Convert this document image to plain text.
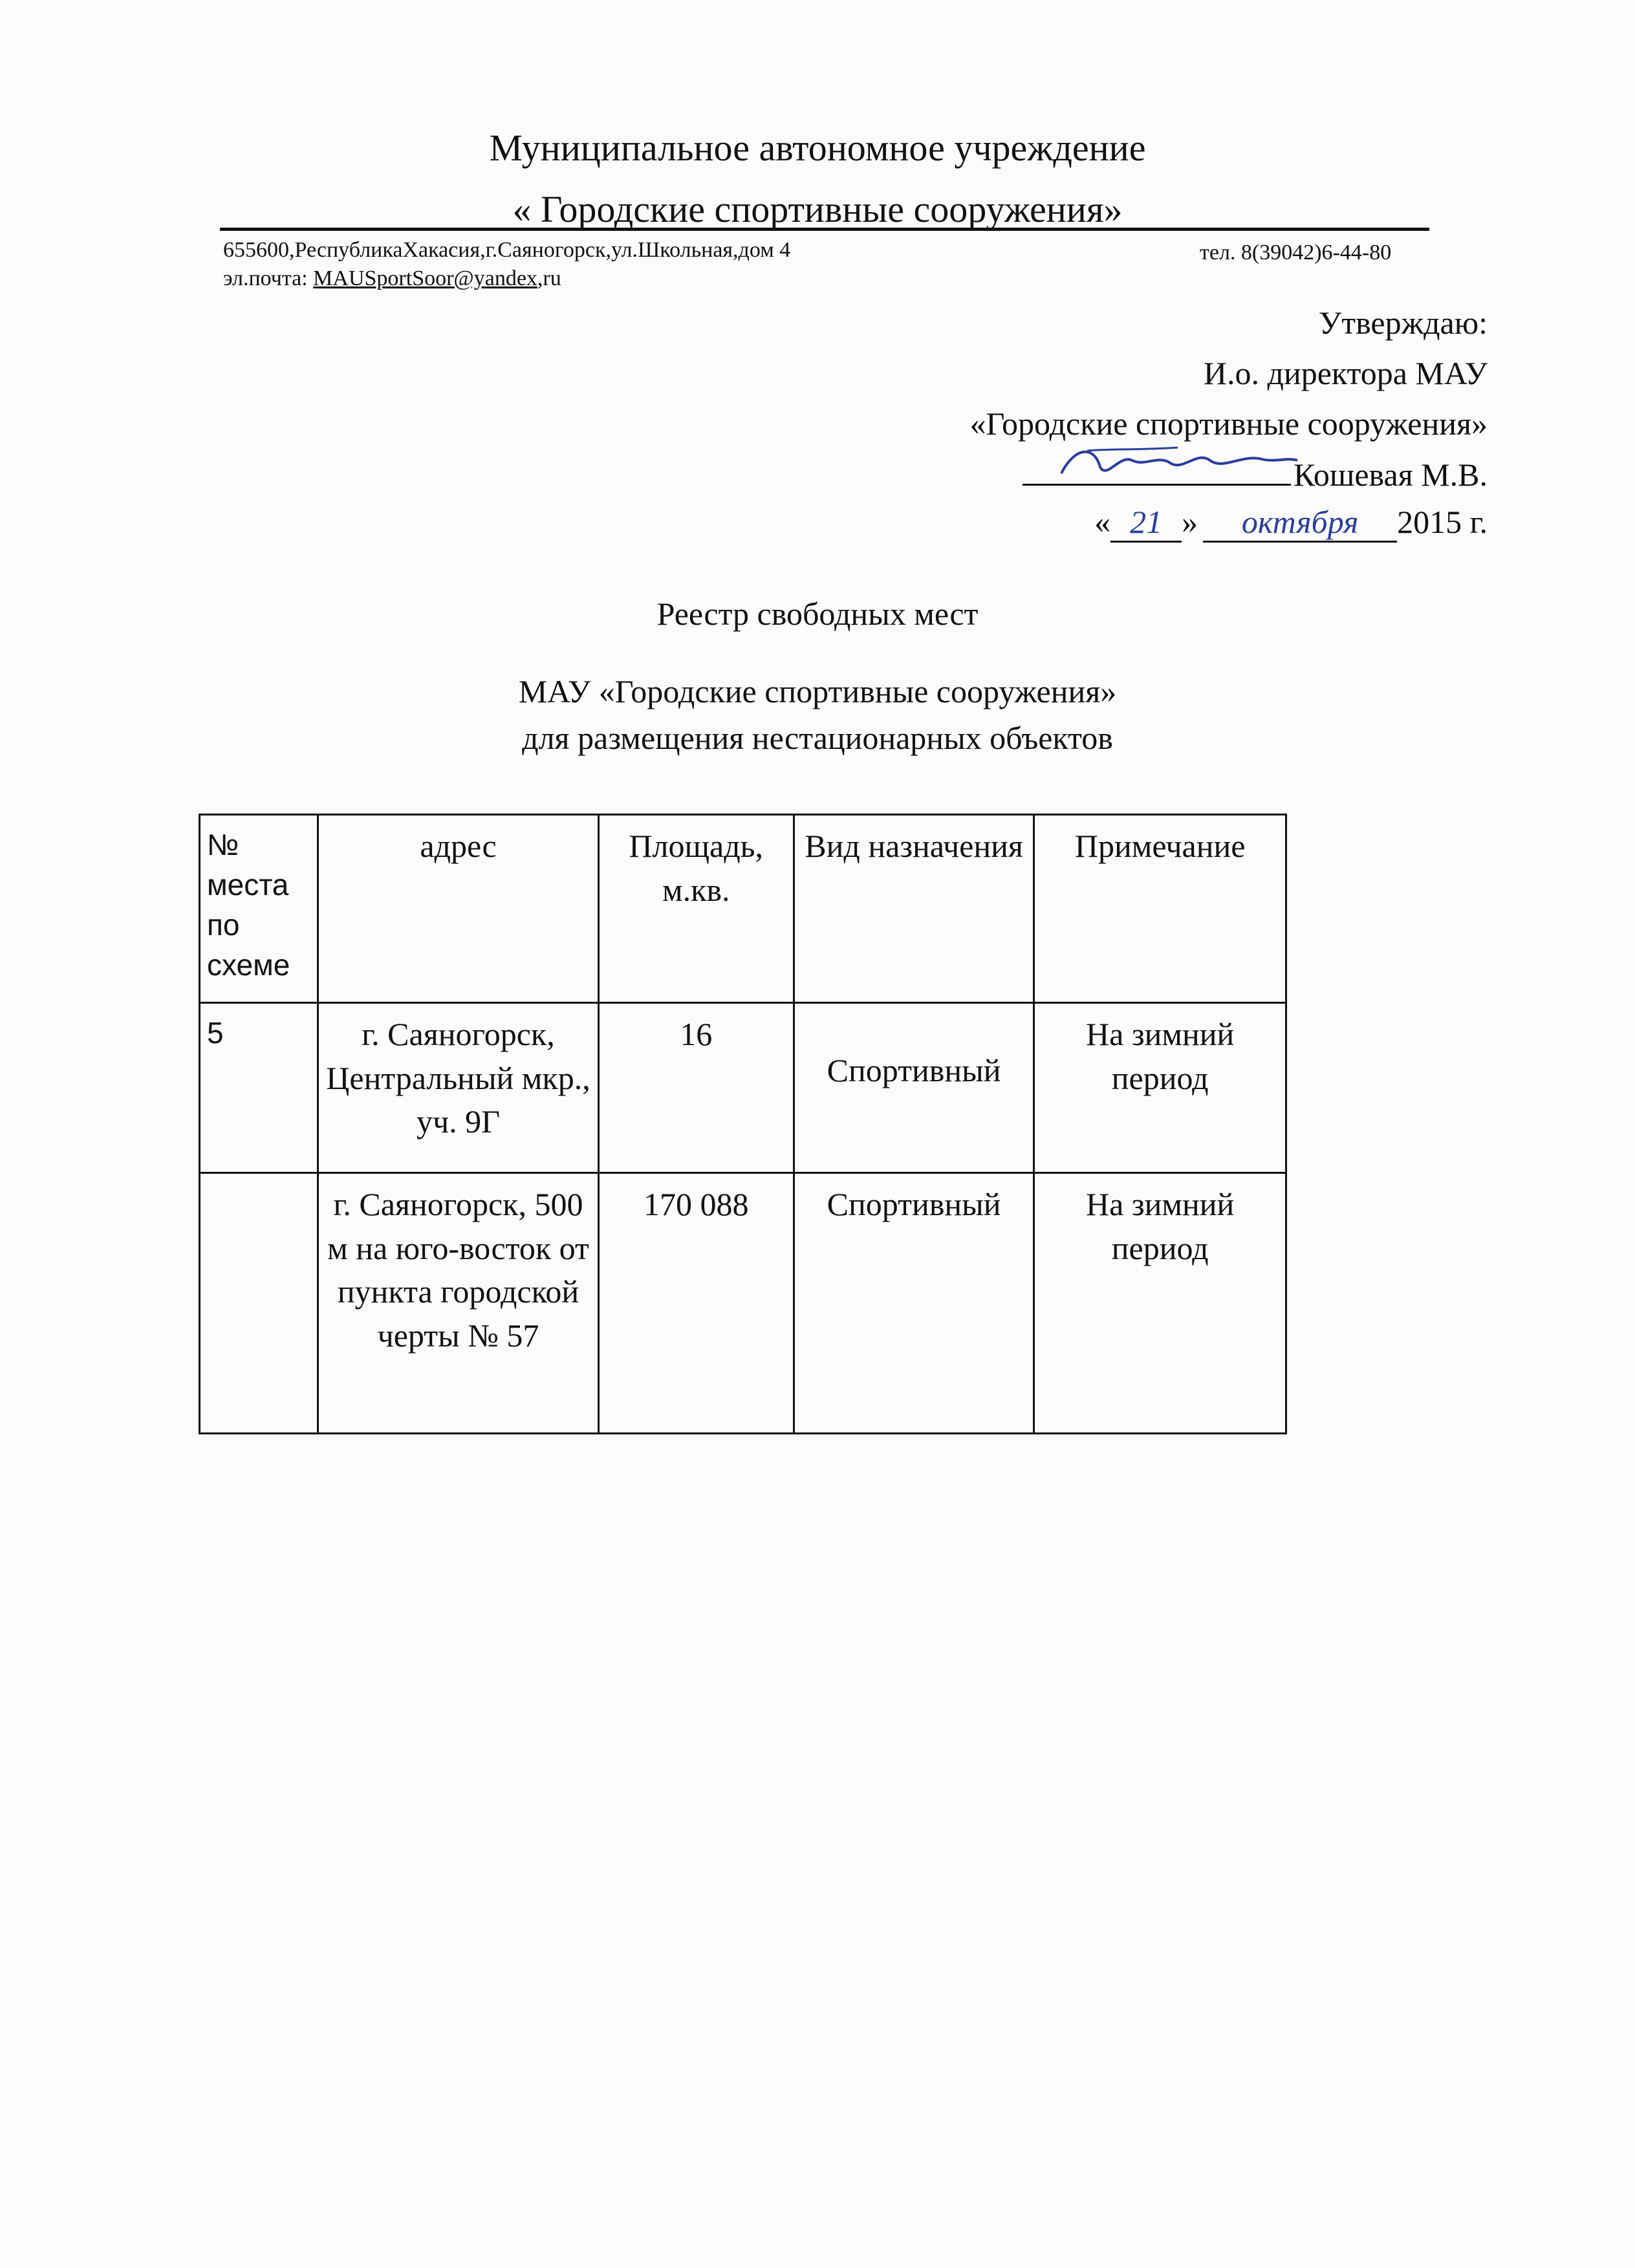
Муниципальное автономное учреждение
« Городские спортивные сооружения»
655600,РеспубликаХакасия,г.Саяногорск,ул.Школьная,дом 4	тел. 8(39042)6-44-80
эл.почта: MAUSportSoor@yandex,ru
Утверждаю:
И.о. директора МАУ
«Городские спортивные сооружения»
Кошевая М.В.
« 21 » октября 2015 г.
Реестр свободных мест
МАУ «Городские спортивные сооружения»
для размещения нестационарных объектов
№ места по схеме	адрес	Площадь, м.кв.	Вид назначения	Примечание
5	г. Саяногорск, Центральный мкр., уч. 9Г	16	Спортивный	На зимний период
	г. Саяногорск, 500 м на юго-восток от пункта городской черты № 57	170 088	Спортивный	На зимний период
